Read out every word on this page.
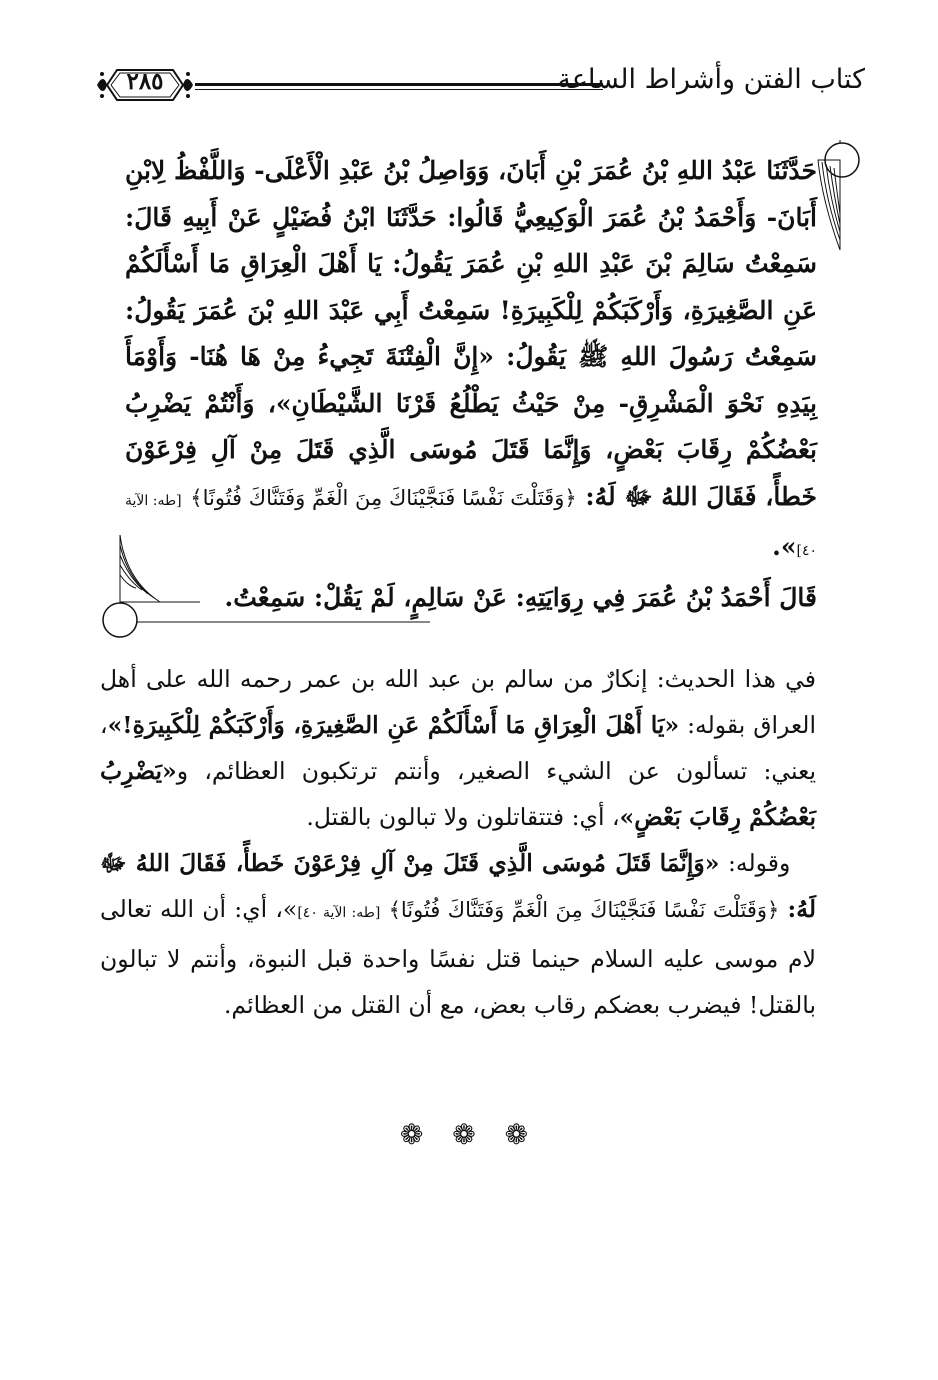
كتاب الفتن وأشراط الساعة
٢٨٥

حَدَّثَنَا عَبْدُ اللهِ بْنُ عُمَرَ بْنِ أَبَانَ، وَوَاصِلُ بْنُ عَبْدِ الْأَعْلَى- وَاللَّفْظُ لِابْنِ أَبَانَ- وَأَحْمَدُ بْنُ عُمَرَ الْوَكِيعِيُّ قَالُوا: حَدَّثَنَا ابْنُ فُضَيْلٍ عَنْ أَبِيهِ قَالَ: سَمِعْتُ سَالِمَ بْنَ عَبْدِ اللهِ بْنِ عُمَرَ يَقُولُ: يَا أَهْلَ الْعِرَاقِ مَا أَسْأَلَكُمْ عَنِ الصَّغِيرَةِ، وَأَرْكَبَكُمْ لِلْكَبِيرَةِ! سَمِعْتُ أَبِي عَبْدَ اللهِ بْنَ عُمَرَ يَقُولُ: سَمِعْتُ رَسُولَ اللهِ ﷺ يَقُولُ: «إِنَّ الْفِتْنَةَ تَجِيءُ مِنْ هَا هُنَا- وَأَوْمَأَ بِيَدِهِ نَحْوَ الْمَشْرِقِ- مِنْ حَيْثُ يَطْلُعُ قَرْنَا الشَّيْطَانِ»، وَأَنْتُمْ يَضْرِبُ بَعْضُكُمْ رِقَابَ بَعْضٍ، وَإِنَّمَا قَتَلَ مُوسَى الَّذِي قَتَلَ مِنْ آلِ فِرْعَوْنَ خَطأً، فَقَالَ اللهُ ﷻ لَهُ: ﴿وَقَتَلْتَ نَفْسًا فَنَجَّيْنَاكَ مِنَ الْغَمِّ وَفَتَنَّاكَ فُتُونًا﴾ [طه: الآية ٤٠]».

قَالَ أَحْمَدُ بْنُ عُمَرَ فِي رِوَايَتِهِ: عَنْ سَالِمٍ، لَمْ يَقُلْ: سَمِعْتُ.

في هذا الحديث: إنكارٌ من سالم بن عبد الله بن عمر رحمه الله على أهل العراق بقوله: «يَا أَهْلَ الْعِرَاقِ مَا أَسْأَلَكُمْ عَنِ الصَّغِيرَةِ، وَأَرْكَبَكُمْ لِلْكَبِيرَةِ!»، يعني: تسألون عن الشيء الصغير، وأنتم ترتكبون العظائم، و«يَضْرِبُ بَعْضُكُمْ رِقَابَ بَعْضٍ»، أي: فتتقاتلون ولا تبالون بالقتل.

وقوله: «وَإِنَّمَا قَتَلَ مُوسَى الَّذِي قَتَلَ مِنْ آلِ فِرْعَوْنَ خَطأً، فَقَالَ اللهُ ﷻ لَهُ: ﴿وَقَتَلْتَ نَفْسًا فَنَجَّيْنَاكَ مِنَ الْغَمِّ وَفَتَنَّاكَ فُتُونًا﴾ [طه: الآية ٤٠]»، أي: أن الله تعالى لام موسى عليه السلام حينما قتل نفسًا واحدة قبل النبوة، وأنتم لا تبالون بالقتل! فيضرب بعضكم رقاب بعض، مع أن القتل من العظائم.

❁ ❁ ❁
